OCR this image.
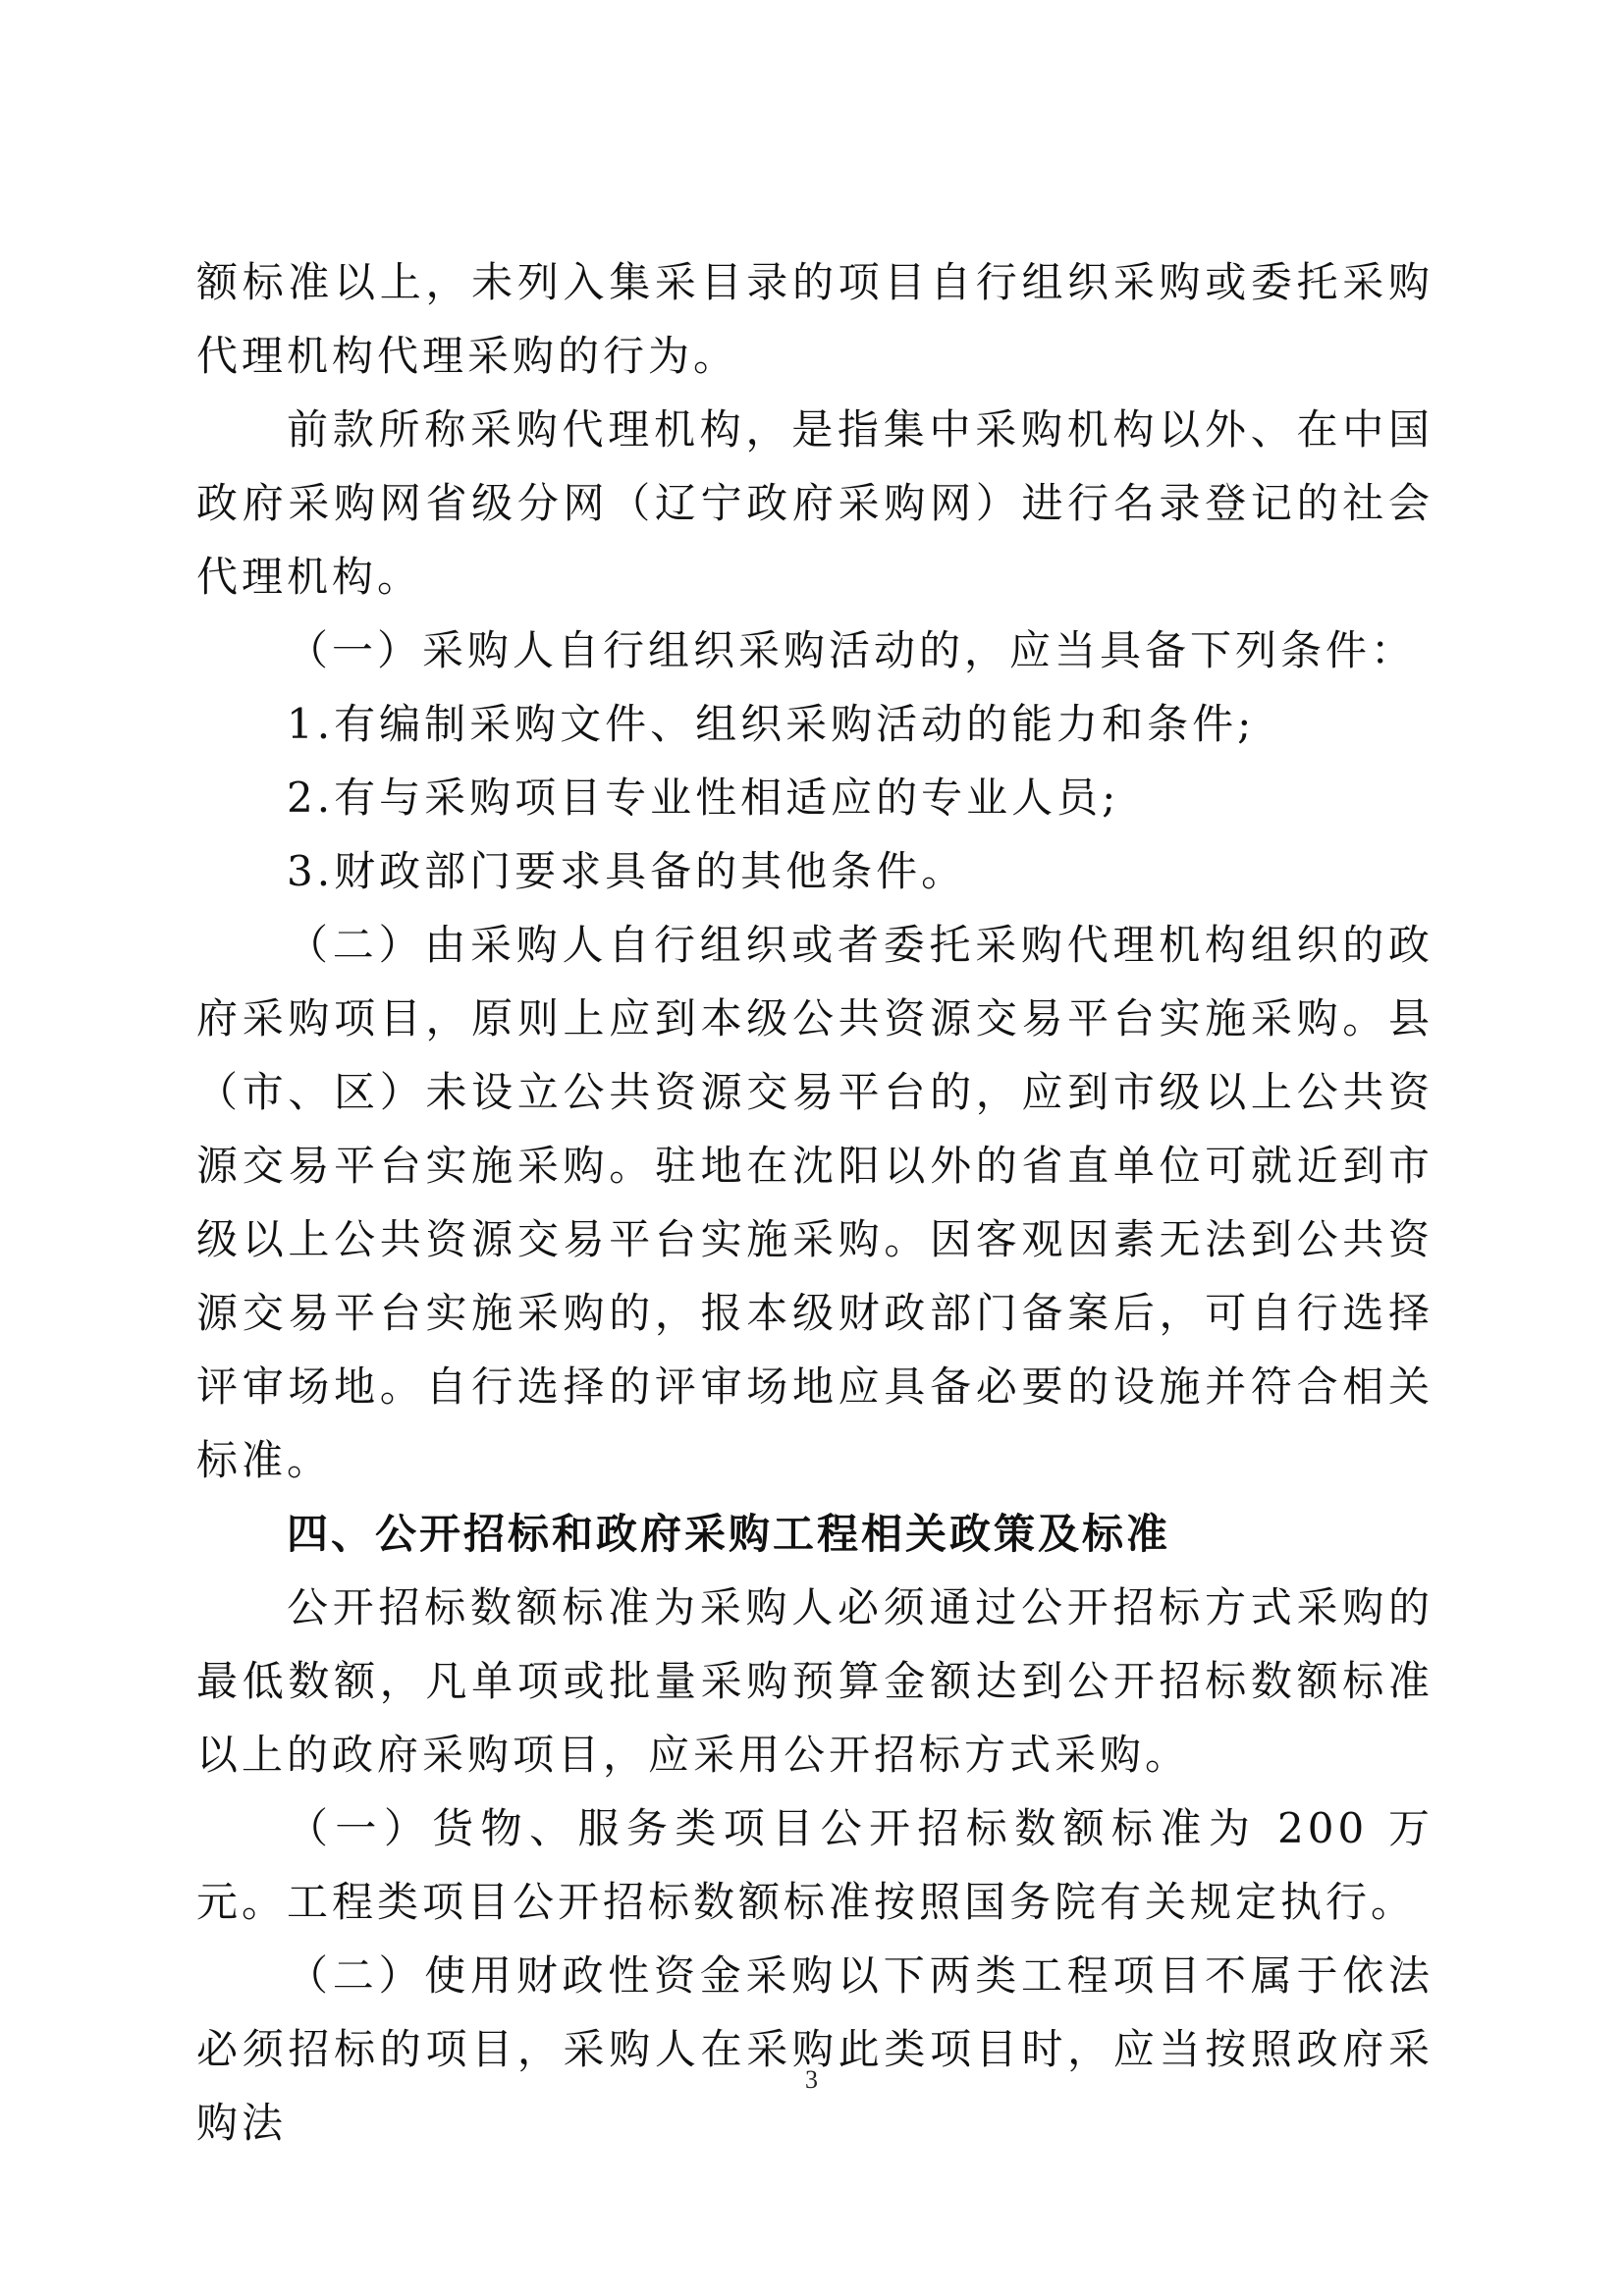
额标准以上，未列入集采目录的项目自行组织采购或委托采购代理机构代理采购的行为。

前款所称采购代理机构，是指集中采购机构以外、在中国政府采购网省级分网（辽宁政府采购网）进行名录登记的社会代理机构。

（一）采购人自行组织采购活动的，应当具备下列条件：

1.有编制采购文件、组织采购活动的能力和条件;

2.有与采购项目专业性相适应的专业人员;

3.财政部门要求具备的其他条件。

（二）由采购人自行组织或者委托采购代理机构组织的政府采购项目，原则上应到本级公共资源交易平台实施采购。县（市、区）未设立公共资源交易平台的，应到市级以上公共资源交易平台实施采购。驻地在沈阳以外的省直单位可就近到市级以上公共资源交易平台实施采购。因客观因素无法到公共资源交易平台实施采购的，报本级财政部门备案后，可自行选择评审场地。自行选择的评审场地应具备必要的设施并符合相关标准。

四、公开招标和政府采购工程相关政策及标准

公开招标数额标准为采购人必须通过公开招标方式采购的最低数额，凡单项或批量采购预算金额达到公开招标数额标准以上的政府采购项目，应采用公开招标方式采购。

（一）货物、服务类项目公开招标数额标准为 200 万元。工程类项目公开招标数额标准按照国务院有关规定执行。

（二）使用财政性资金采购以下两类工程项目不属于依法必须招标的项目，采购人在采购此类项目时，应当按照政府采购法

3
